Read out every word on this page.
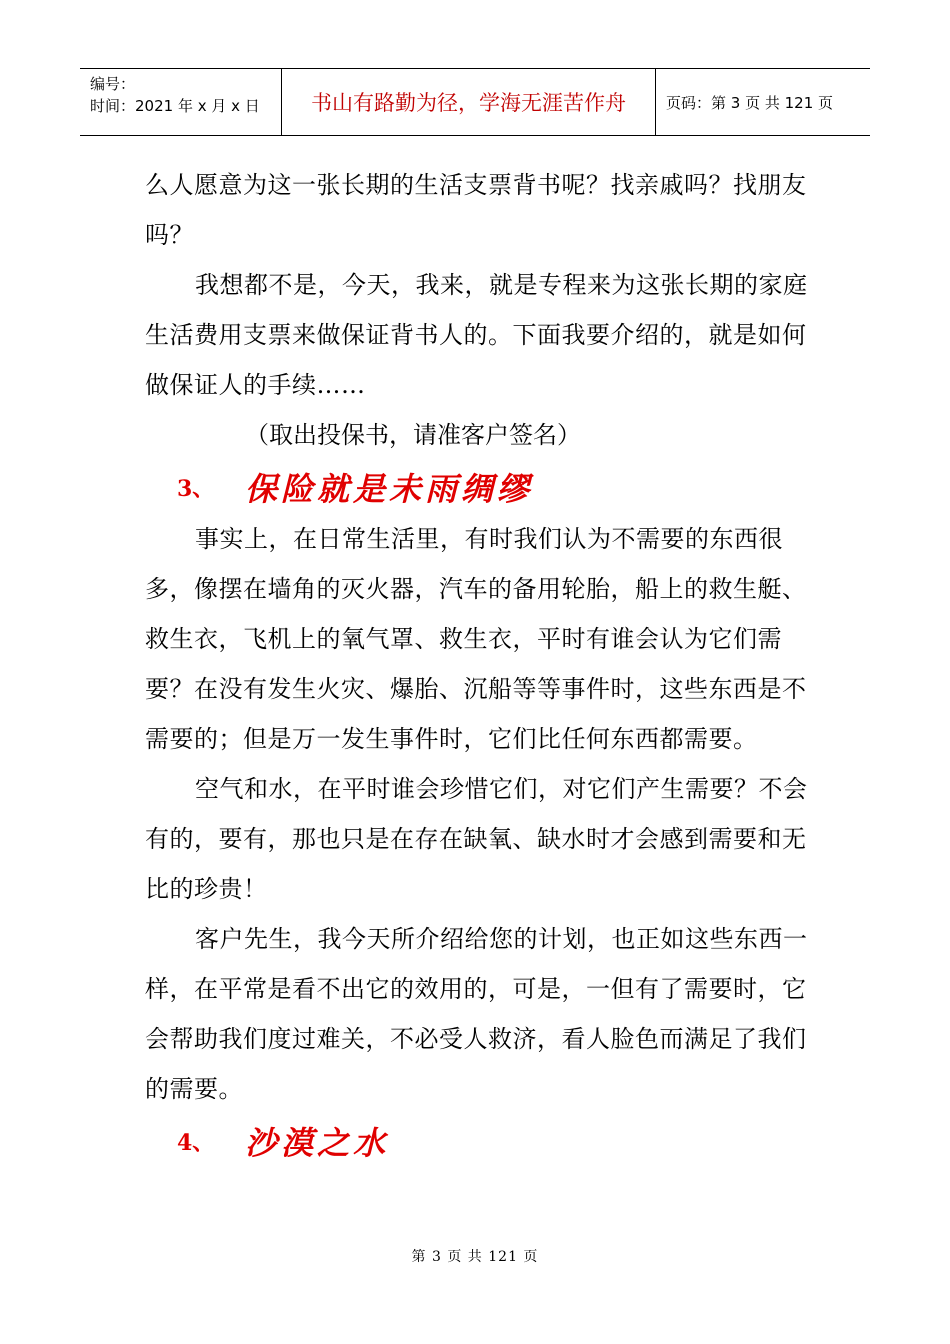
编号：
时间：2021 年 x 月 x 日	书山有路勤为径，学海无涯苦作舟	页码：第 3 页 共 121 页

么人愿意为这一张长期的生活支票背书呢？找亲戚吗？找朋友吗？

我想都不是，今天，我来，就是专程来为这张长期的家庭生活费用支票来做保证背书人的。下面我要介绍的，就是如何做保证人的手续……

（取出投保书，请准客户签名）

3、 保险就是未雨绸缪

事实上，在日常生活里，有时我们认为不需要的东西很多，像摆在墙角的灭火器，汽车的备用轮胎，船上的救生艇、救生衣，飞机上的氧气罩、救生衣，平时有谁会认为它们需要？在没有发生火灾、爆胎、沉船等等事件时，这些东西是不需要的；但是万一发生事件时，它们比任何东西都需要。

空气和水，在平时谁会珍惜它们，对它们产生需要？不会有的，要有，那也只是在存在缺氧、缺水时才会感到需要和无比的珍贵！

客户先生，我今天所介绍给您的计划，也正如这些东西一样，在平常是看不出它的效用的，可是，一但有了需要时，它会帮助我们度过难关，不必受人救济，看人脸色而满足了我们的需要。

4、 沙漠之水
第 3 页 共 121 页
